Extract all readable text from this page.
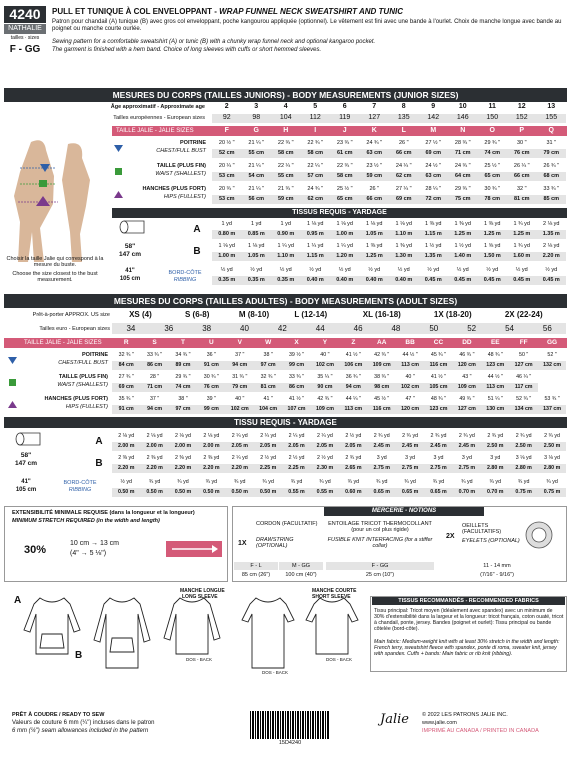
4240
NATHALIE
tailles · sizes
F - GG
PULL ET TUNIQUE À COL ENVELOPPANT - WRAP FUNNEL NECK SWEATSHIRT AND TUNIC
Patron pour chandail (A) tunique (B) avec gros col enveloppant, poche kangourou appliquée (optionnel). Le vêtement est fini avec une bande à l'ourlet. Choix de manche longue avec bande au poignet ou manche courte ourlée.
Sewing pattern for a comfortable sweatshirt (A) or tunic (B) with a chunky wrap funnel neck and optional kangaroo pocket.
The garment is finished with a hem band. Choice of long sleeves with cuffs or short hemmed sleeves.
MESURES DU CORPS (TAILLES JUNIORS) - BODY MEASUREMENTS (JUNIOR SIZES)
Âge approximatif - Approximate age	2	3	4	5	6	7	8	9	10	11	12	13
Tailles européennes - European sizes	92	98	104	112	119	127	135	142	146	150	152	155
TAILLE JALIE - JALIE SIZES	F	G	H	I	J	K	L	M	N	O	P	Q
POITRINE
CHEST/FULL BUST
20 ½ "	21 ¼ "	22 ¾ "	22 ¾ "	23 ¾ "	24 ¾ "	26 "	27 ½ "	28 ¾ "	29 ¾ "	30 "	31 "
52 cm	55 cm	58 cm	58 cm	61 cm	63 cm	66 cm	69 cm	71 cm	74 cm	76 cm	79 cm
TAILLE (PLUS FIN)
WAIST (SHALLEST)
20 ¼ "	21 ¼ "	22 ¼ "	22 ¼ "	22 ¾ "	23 ½ "	24 ¼ "	24 ½ "	24 ¾ "	25 ½ "	26 ¼ "	26 ¾ "
53 cm	54 cm	55 cm	57 cm	58 cm	59 cm	62 cm	63 cm	64 cm	65 cm	66 cm	68 cm
HANCHES (PLUS FORT)
HIPS (FULLEST)
20 ¾ "	21 ¼ "	21 ¾ "	24 ¾ "	25 ½ "	26 "	27 ¼ "	28 ¼ "	29 ¾ "	30 ¾ "	32 "	33 ¾ "
53 cm	56 cm	59 cm	62 cm	65 cm	66 cm	69 cm	72 cm	75 cm	78 cm	81 cm	85 cm
Choisir la taille Jalie qui correspond à la mesure du buste.
Choose the size closest to the bust measurement.
TISSUS REQUIS - YARDAGE
58"
147 cm
A
B
41"
105 cm
BORD-CÔTE
RIBBING
1 yd	1 yd	1 yd	1 ⅛ yd	1 ⅛ yd	1 ⅛ yd	1 ⅛ yd	1 ⅜ yd	1 ⅜ yd	1 ⅜ yd	1 ¾ yd	2 ⅛ yd
0.80 m	0.85 m	0.90 m	0.95 m	1.00 m	1.05 m	1.10 m	1.15 m	1.25 m	1.25 m	1.25 m	1.35 m
1 ⅛ yd	1 ⅛ yd	1 ¼ yd	1 ¼ yd	1 ¼ yd	1 ⅜ yd	1 ⅜ yd	1 ½ yd	1 ½ yd	1 ⅝ yd	1 ¾ yd	2 ⅛ yd
1.00 m	1.05 m	1.10 m	1.15 m	1.20 m	1.25 m	1.30 m	1.35 m	1.40 m	1.50 m	1.60 m	2.20 m
½ yd	½ yd	½ yd	½ yd	½ yd	½ yd	½ yd	½ yd	½ yd	½ yd	½ yd	½ yd
0.35 m	0.35 m	0.35 m	0.40 m	0.40 m	0.40 m	0.40 m	0.45 m	0.45 m	0.45 m	0.45 m	0.45 m
MESURES DU CORPS (TAILLES ADULTES) - BODY MEASUREMENTS (ADULT SIZES)
Prêt-à-porter APPROX. US size	XS (4)	S (6-8)	M (8-10)	L (12-14)	XL (16-18)	1X (18-20)	2X (22-24)
Tailles euro - European sizes	34	36	38	40	42	44	46	48	50	52	54	56
TAILLE JALIE - JALIE SIZES	R	S	T	U	V	W	X	Y	Z	AA	BB	CC	DD	EE	FF	GG
POITRINE
CHEST/FULL BUST
32 ¾ "	33 ¾ "	34 ¾ "	36 "	37 "	38 "	39 ½ "	40 "	41 ½ "	42 ¾ "	44 ½ "	45 ¾ "	46 ¾ "	48 ¾ "	50 "	52 "
84 cm	86 cm	89 cm	91 cm	94 cm	97 cm	99 cm	102 cm	106 cm	109 cm	113 cm	116 cm	120 cm	123 cm	127 cm	132 cm
TAILLE (PLUS FIN)
WAIST (SHALLEST)
27 ¾ "	28 "	29 ¾ "	30 ¾ "	31 ¾ "	32 ¾ "	33 ¾ "	35 ¼ "	36 ¾ "	38 ¾ "	40 "	41 ½ "	43 "	44 ½ "	46 ¼ "
69 cm	71 cm	74 cm	76 cm	79 cm	81 cm	86 cm	90 cm	94 cm	98 cm	102 cm	105 cm	109 cm	113 cm	117 cm
HANCHES (PLUS FORT)
HIPS (FULLEST)
35 ¾ "	37 "	38 "	39 "	40 "	41 "	41 ½ "	42 ¾ "	44 ¼ "	45 ½ "	47 "	48 ¾ "	49 ¾ "	51 ¼ "	52 ¾ "	53 ¾ "
91 cm	94 cm	97 cm	99 cm	102 cm	104 cm	107 cm	109 cm	113 cm	116 cm	120 cm	123 cm	127 cm	130 cm	134 cm	137 cm
TISSU REQUIS - YARDAGE
58"
147 cm
A
B
41"
105 cm
BORD-CÔTE
RIBBING
2 ⅛ yd	2 ⅛ yd	2 ⅛ yd	2 ⅛ yd	2 ¼ yd	2 ¼ yd	2 ¼ yd	2 ¼ yd	2 ½ yd	2 ¾ yd	2 ¾ yd	2 ¾ yd	2 ¾ yd	2 ¾ yd	2 ¾ yd	2 ¾ yd
2.00 m	2.00 m	2.00 m	2.00 m	2.05 m	2.05 m	2.05 m	2.05 m	2.05 m	2.45 m	2.45 m	2.45 m	2.45 m	2.50 m	2.50 m	2.50 m
2 ⅜ yd	2 ⅜ yd	2 ⅜ yd	2 ⅜ yd	2 ¼ yd	2 ½ yd	2 ½ yd	2 ½ yd	2 ¾ yd	3 yd	3 yd	3 yd	3 yd	3 yd	3 ⅛ yd	3 ⅛ yd
2.20 m	2.20 m	2.20 m	2.20 m	2.20 m	2.25 m	2.25 m	2.30 m	2.65 m	2.75 m	2.75 m	2.75 m	2.75 m	2.80 m	2.80 m	2.80 m
½ yd	¾ yd	¾ yd	¾ yd	¾ yd	¾ yd	¾ yd	¾ yd	¾ yd	¾ yd	¾ yd	¾ yd	¾ yd	¾ yd	¾ yd	¾ yd
0.50 m	0.50 m	0.50 m	0.50 m	0.50 m	0.50 m	0.55 m	0.55 m	0.60 m	0.65 m	0.65 m	0.65 m	0.70 m	0.70 m	0.75 m	0.75 m
EXTENSIBILITÉ MINIMALE REQUISE (dans la longueur et la longueur)
MINIMUM STRETCH REQUIRED (in the width and length)
30%
10 cm → 13 cm
(4" → 5 ⅛")
MERCERIE - NOTIONS
1X
CORDON (FACULTATIF)
DRAWSTRING (OPTIONAL)
ENTOILAGE TRICOT THERMOCOLLANT (pour un col plus rigide)
FUSIBLE KNIT INTERFACING (for a stiffer collar)
2X
OEILLETS (FACULTATIFS)
EYELETS (OPTIONAL)
F - L	M - GG
85 cm (26")	100 cm (40")
F - GG
25 cm (10")
11 - 14 mm
(7/16" - 9/16")
A
B
MANCHE LONGUE
LONG SLEEVE
MANCHE COURTE
SHORT SLEEVE
DOS - BACK
DOS - BACK
DOS - BACK
TISSUS RECOMMANDÉS - RECOMMENDED FABRICS
Tissu principal: Tricot moyen (idéalement avec spandex) avec un minimum de 30% d'extensibilité dans la largeur et la longueur: tricot français, coton ouaté, tricot à chandail, ponte, jersey. Bandes (poignet et ourlet): Tissu principal ou bande côtelée (bord-côte).
Main fabric: Medium-weight knit with at least 30% stretch in the width and length: French terry, sweatshirt fleece with spandex, ponte di roma, sweater knit, jersey with spandex. Cuffs + bands: Main fabric or rib knit (ribbing).
PRÊT À COUDRE / READY TO SEW
Valeurs de couture 6 mm (¼") incluses dans le patron
6 mm (¼") seam allowances included in the pattern
15D4240
Jalie © 2022 LES PATRONS JALIE INC.
www.jalie.com
IMPRIMÉ AU CANADA / PRINTED IN CANADA
